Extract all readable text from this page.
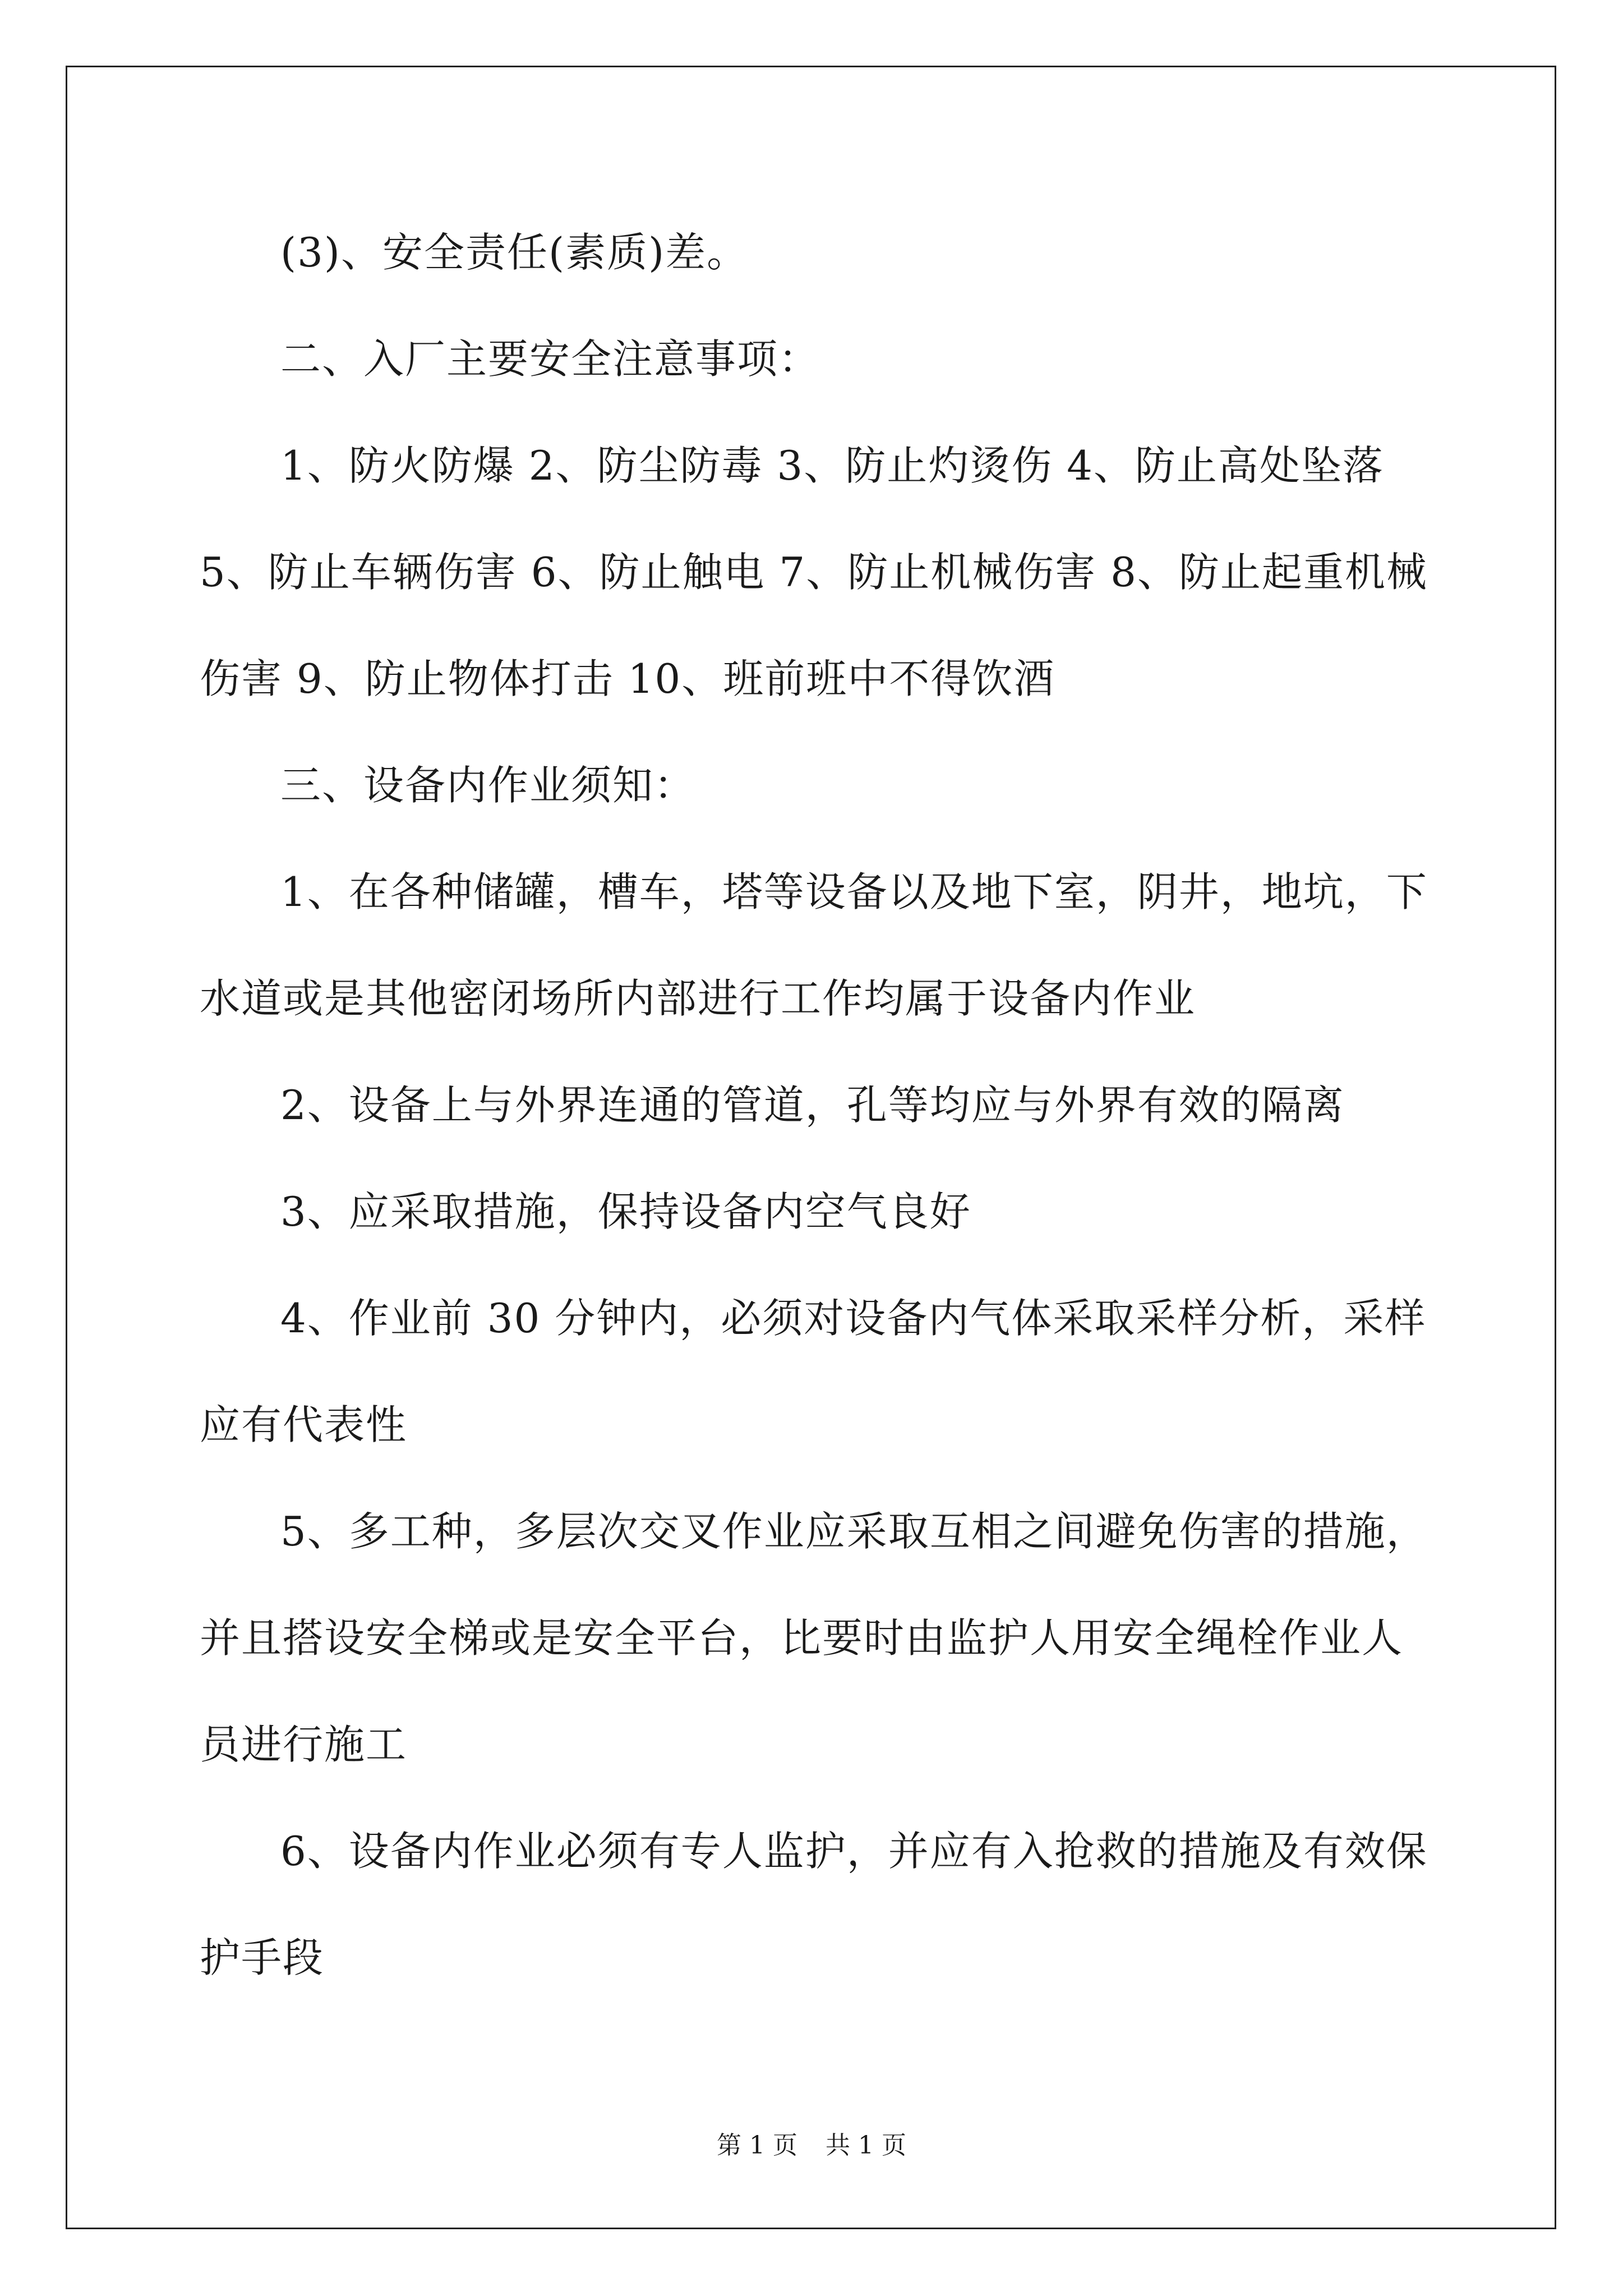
(3)、安全责任(素质)差。

二、入厂主要安全注意事项：

1、防火防爆 2、防尘防毒 3、防止灼烫伤 4、防止高处坠落 5、防止车辆伤害 6、防止触电 7、防止机械伤害 8、防止起重机械伤害 9、防止物体打击 10、班前班中不得饮酒

三、设备内作业须知：

1、在各种储罐，槽车，塔等设备以及地下室，阴井，地坑，下水道或是其他密闭场所内部进行工作均属于设备内作业

2、设备上与外界连通的管道，孔等均应与外界有效的隔离

3、应采取措施，保持设备内空气良好

4、作业前 30 分钟内，必须对设备内气体采取采样分析，采样应有代表性

5、多工种，多层次交叉作业应采取互相之间避免伤害的措施，并且搭设安全梯或是安全平台，比要时由监护人用安全绳栓作业人员进行施工

6、设备内作业必须有专人监护，并应有入抢救的措施及有效保护手段

第 1 页 共 1 页
